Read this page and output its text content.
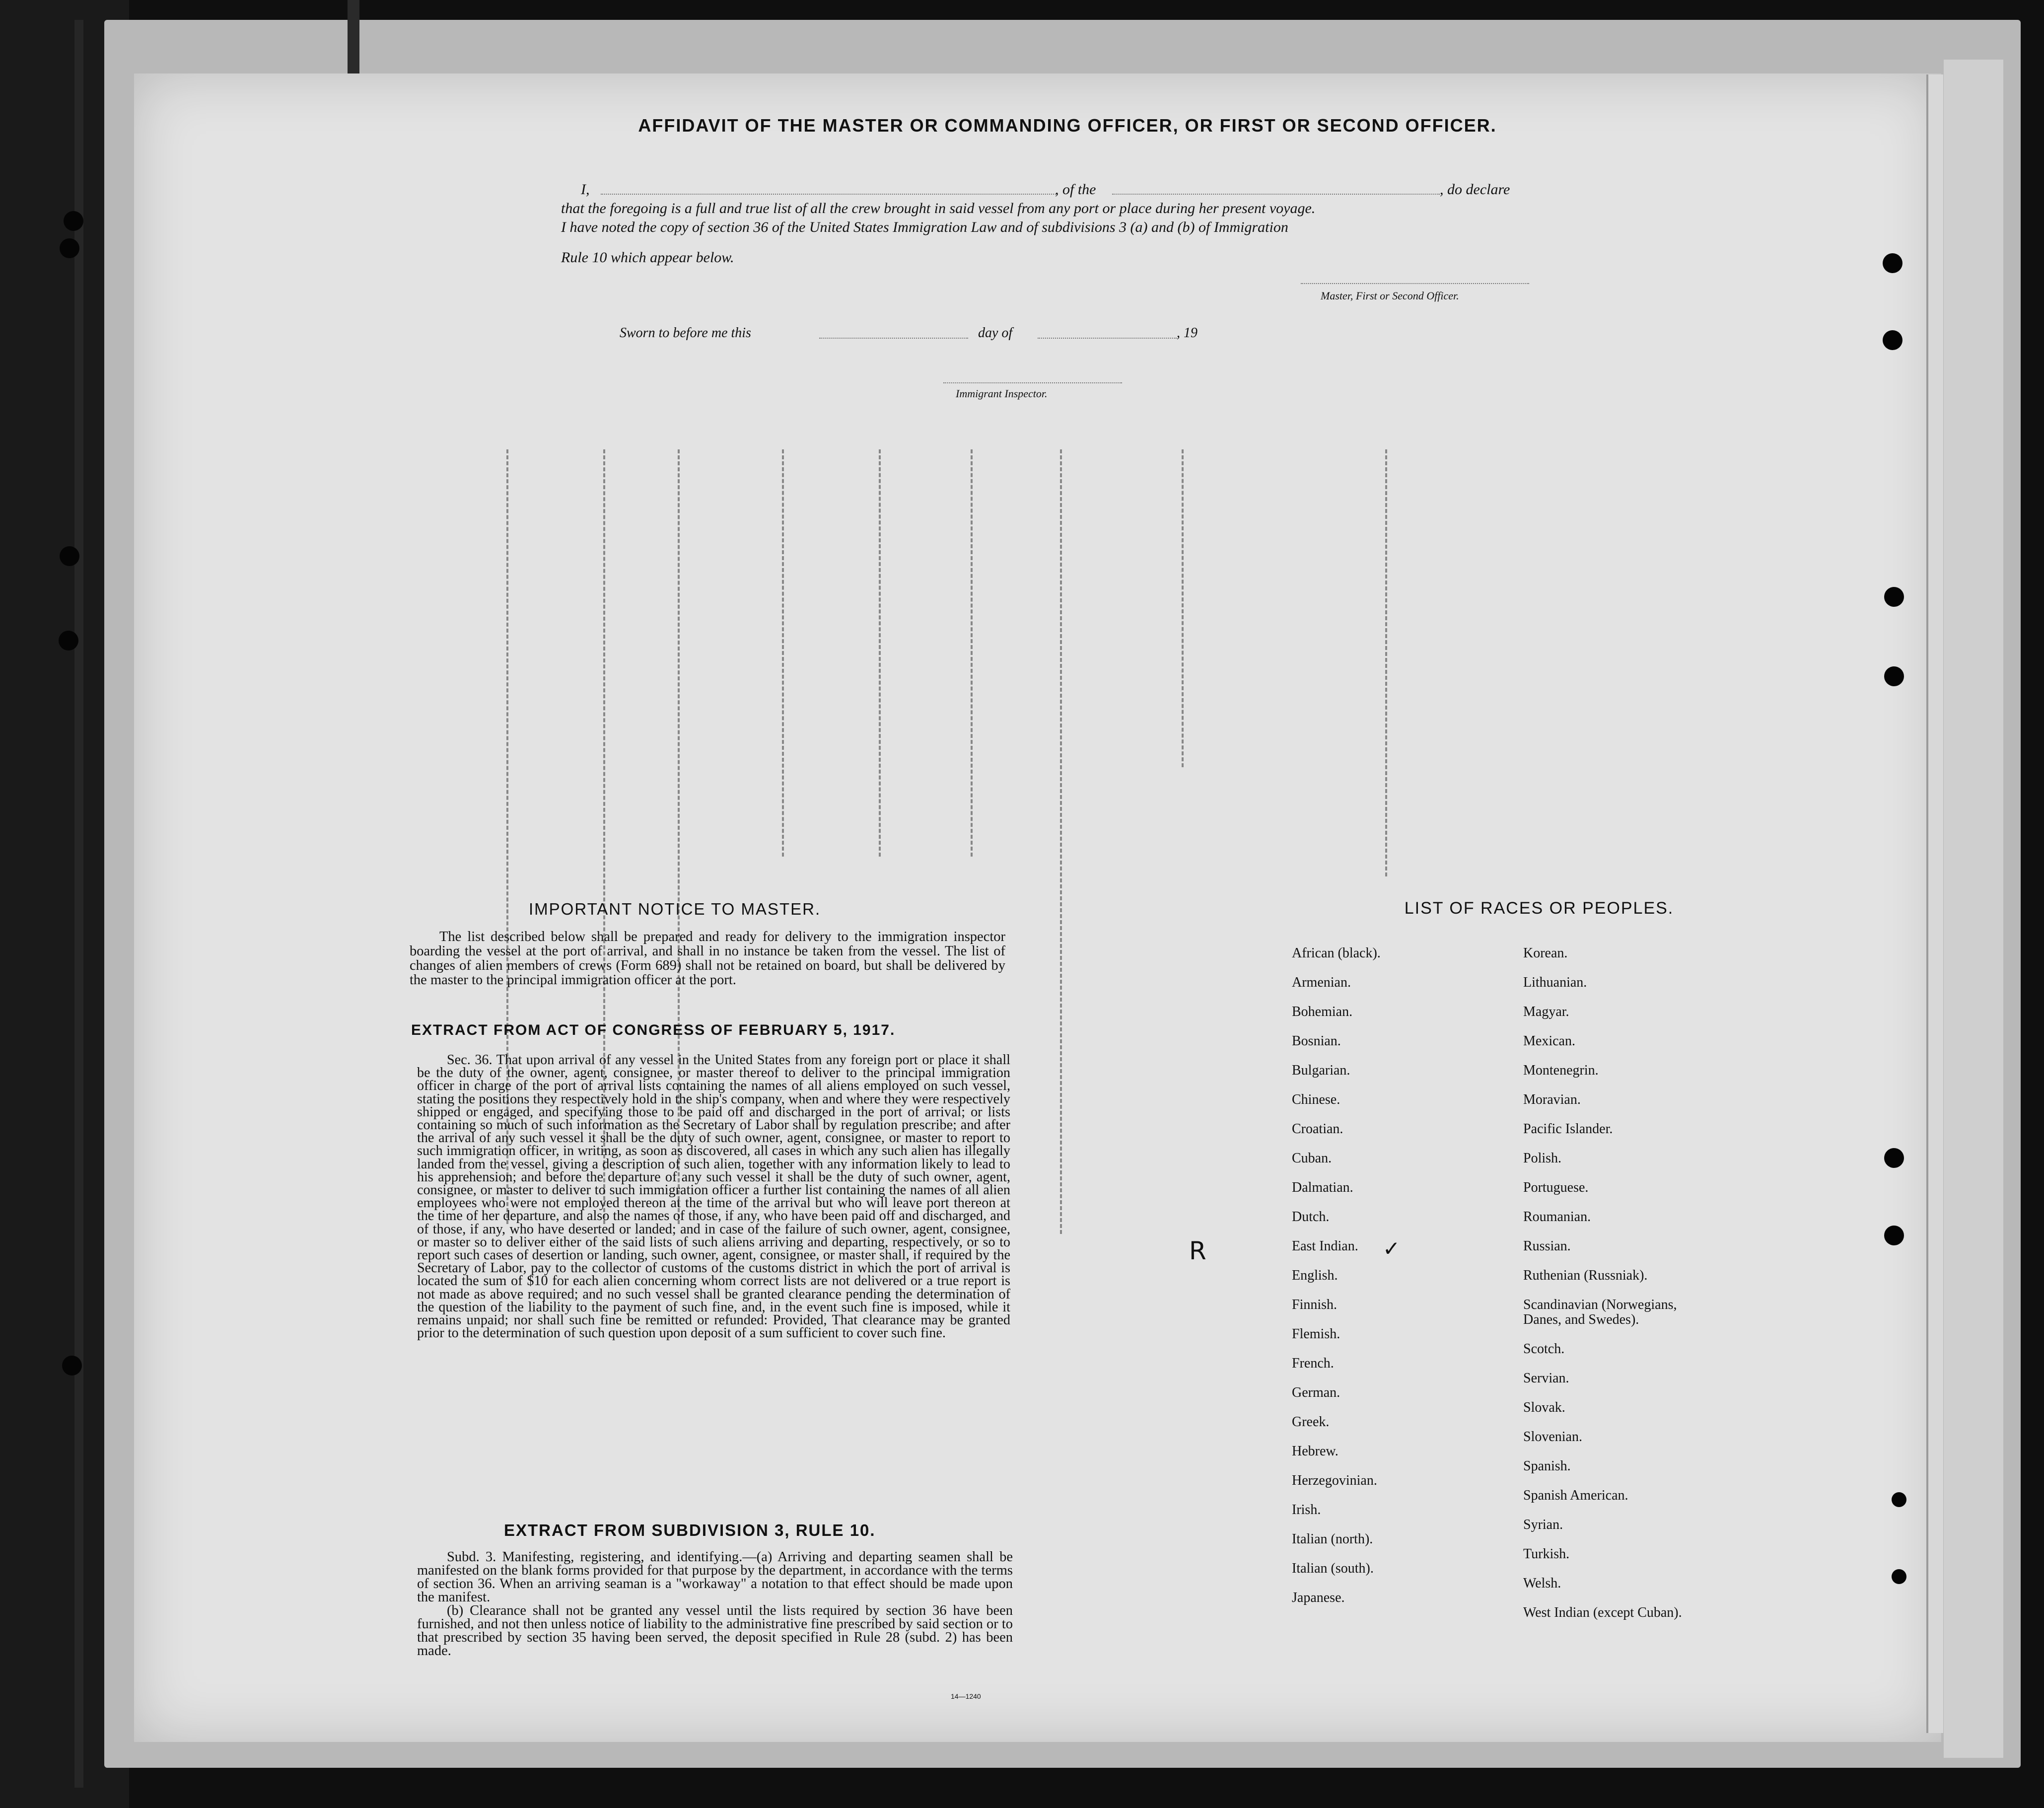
AFFIDAVIT OF THE MASTER OR COMMANDING OFFICER, OR FIRST OR SECOND OFFICER.
I,	, of the	, do declare
that the foregoing is a full and true list of all the crew brought in said vessel from any port or place during her present voyage.
I have noted the copy of section 36 of the United States Immigration Law and of subdivisions 3 (a) and (b) of Immigration
Rule 10 which appear below.
Master, First or Second Officer.
Sworn to before me this	day of	, 19
Immigrant Inspector.
IMPORTANT NOTICE TO MASTER.

The list described below shall be prepared and ready for delivery to the immigration inspector boarding the vessel at the port of arrival, and shall in no instance be taken from the vessel. The list of changes of alien members of crews (Form 689) shall not be retained on board, but shall be delivered by the master to the principal immigration officer at the port.

EXTRACT FROM ACT OF CONGRESS OF FEBRUARY 5, 1917.

Sec. 36. That upon arrival of any vessel in the United States from any foreign port or place it shall be the duty of the owner, agent, consignee, or master thereof to deliver to the principal immigration officer in charge of the port of arrival lists containing the names of all aliens employed on such vessel, stating the positions they respectively hold in the ship's company, when and where they were respectively shipped or engaged, and specifying those to be paid off and discharged in the port of arrival; or lists containing so much of such information as the Secretary of Labor shall by regulation prescribe; and after the arrival of any such vessel it shall be the duty of such owner, agent, consignee, or master to report to such immigration officer, in writing, as soon as discovered, all cases in which any such alien has illegally landed from the vessel, giving a description of such alien, together with any information likely to lead to his apprehension; and before the departure of any such vessel it shall be the duty of such owner, agent, consignee, or master to deliver to such immigration officer a further list containing the names of all alien employees who were not employed thereon at the time of the arrival but who will leave port thereon at the time of her departure, and also the names of those, if any, who have been paid off and discharged, and of those, if any, who have deserted or landed; and in case of the failure of such owner, agent, consignee, or master so to deliver either of the said lists of such aliens arriving and departing, respectively, or so to report such cases of desertion or landing, such owner, agent, consignee, or master shall, if required by the Secretary of Labor, pay to the collector of customs of the customs district in which the port of arrival is located the sum of $10 for each alien concerning whom correct lists are not delivered or a true report is not made as above required; and no such vessel shall be granted clearance pending the determination of the question of the liability to the payment of such fine, and, in the event such fine is imposed, while it remains unpaid; nor shall such fine be remitted or refunded: Provided, That clearance may be granted prior to the determination of such question upon deposit of a sum sufficient to cover such fine.

EXTRACT FROM SUBDIVISION 3, RULE 10.

Subd. 3. Manifesting, registering, and identifying.—(a) Arriving and departing seamen shall be manifested on the blank forms provided for that purpose by the department, in accordance with the terms of section 36. When an arriving seaman is a "workaway" a notation to that effect should be made upon the manifest.

(b) Clearance shall not be granted any vessel until the lists required by section 36 have been furnished, and not then unless notice of liability to the administrative fine prescribed by said section or to that prescribed by section 35 having been served, the deposit specified in Rule 28 (subd. 2) has been made.

14—1240
LIST OF RACES OR PEOPLES.
African (black).
Armenian.
Bohemian.
Bosnian.
Bulgarian.
Chinese.
Croatian.
Cuban.
Dalmatian.
Dutch.
East Indian.
English.
Finnish.
Flemish.
French.
German.
Greek.
Hebrew.
Herzegovinian.
Irish.
Italian (north).
Italian (south).
Japanese.
Korean.
Lithuanian.
Magyar.
Mexican.
Montenegrin.
Moravian.
Pacific Islander.
Polish.
Portuguese.
Roumanian.
Russian.
Ruthenian (Russniak).
Scandinavian (Norwegians, Danes, and Swedes).
Scotch.
Servian.
Slovak.
Slovenian.
Spanish.
Spanish American.
Syrian.
Turkish.
Welsh.
West Indian (except Cuban).
R	✓
